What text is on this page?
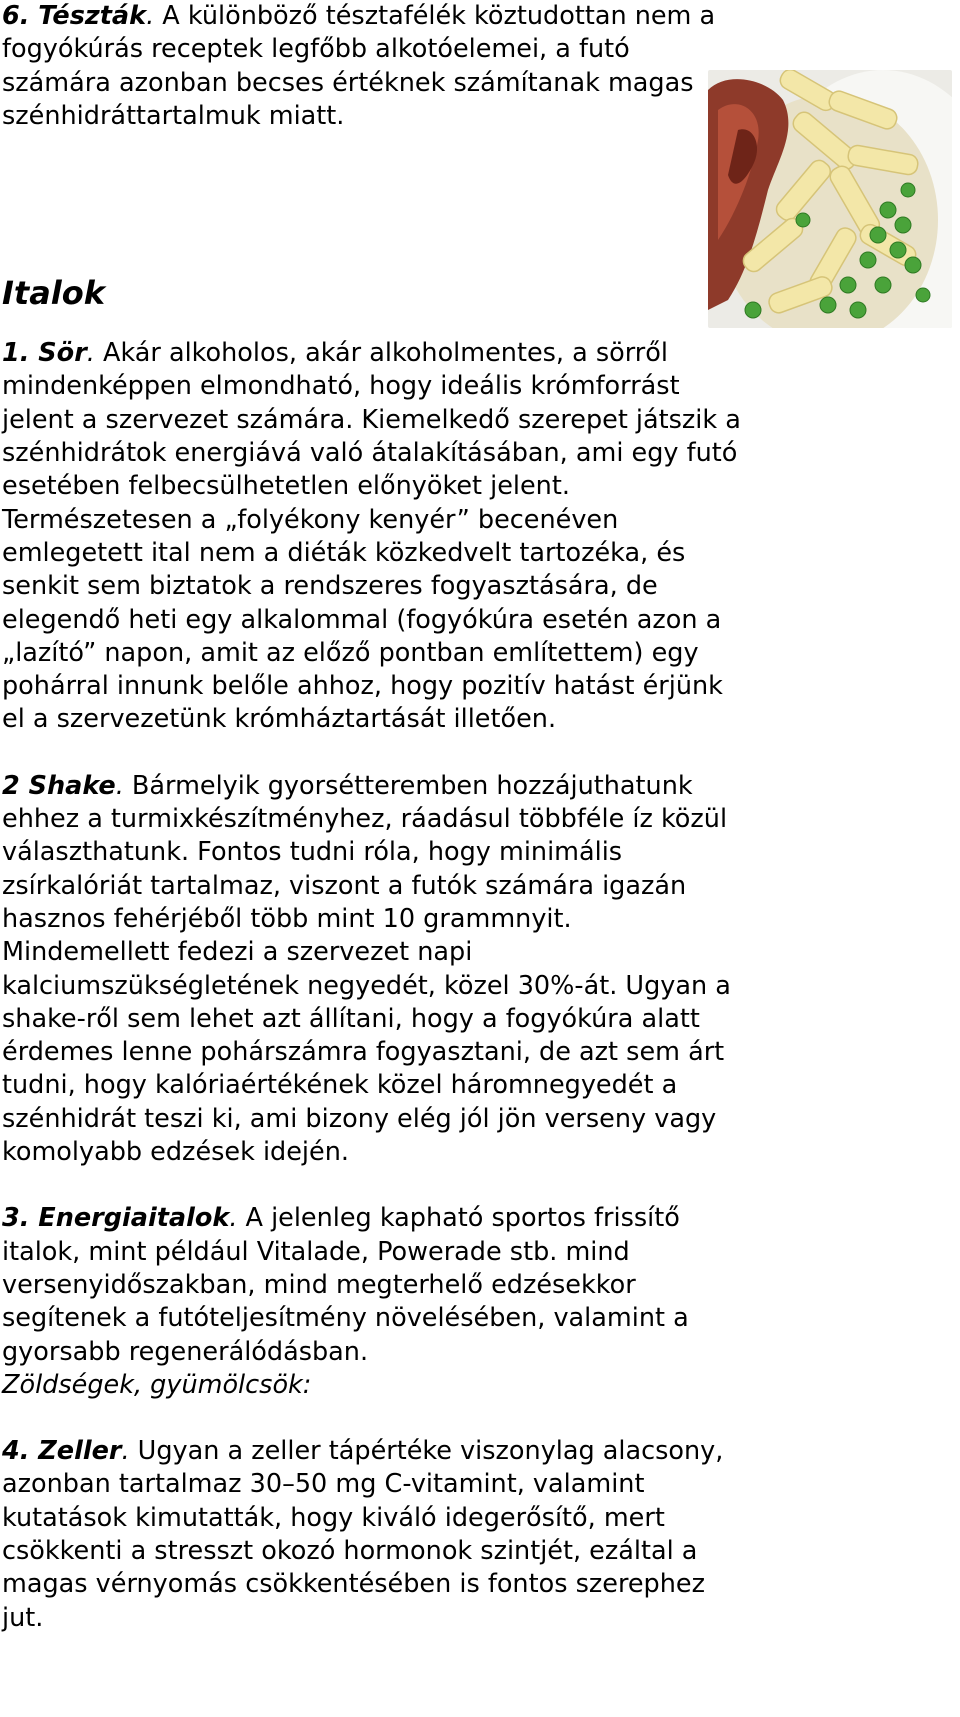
6. Tészták. A különböző tésztafélék köztudottan nem a fogyókúrás receptek legfőbb alkotóelemei, a futó számára azonban becses értéknek számítanak magas szénhidráttartalmuk miatt.

Italok

1. Sör. Akár alkoholos, akár alkoholmentes, a sörről mindenképpen elmondható, hogy ideális krómforrást jelent a szervezet számára. Kiemelkedő szerepet játszik a szénhidrátok energiává való átalakításában, ami egy futó esetében felbecsülhetetlen előnyöket jelent. Természetesen a „folyékony kenyér” becenéven emlegetett ital nem a diéták közkedvelt tartozéka, és senkit sem biztatok a rendszeres fogyasztására, de elegendő heti egy alkalommal (fogyókúra esetén azon a „lazító” napon, amit az előző pontban említettem) egy pohárral innunk belőle ahhoz, hogy pozitív hatást érjünk el a szervezetünk krómháztartását illetően.

2 Shake. Bármelyik gyorsétteremben hozzájuthatunk ehhez a turmixkészítményhez, ráadásul többféle íz közül választhatunk. Fontos tudni róla, hogy minimális zsírkalóriát tartalmaz, viszont a futók számára igazán hasznos fehérjéből több mint 10 grammnyit. Mindemellett fedezi a szervezet napi kalciumszükségletének negyedét, közel 30%-át. Ugyan a shake-ről sem lehet azt állítani, hogy a fogyókúra alatt érdemes lenne pohárszámra fogyasztani, de azt sem árt tudni, hogy kalóriaértékének közel háromnegyedét a szénhidrát teszi ki, ami bizony elég jól jön verseny vagy komolyabb edzések idején.

3. Energiaitalok. A jelenleg kapható sportos frissítő italok, mint például Vitalade, Powerade stb. mind versenyidőszakban, mind megterhelő edzésekkor segítenek a futóteljesítmény növelésében, valamint a gyorsabb regenerálódásban.

Zöldségek, gyümölcsök:

4. Zeller. Ugyan a zeller tápértéke viszonylag alacsony, azonban tartalmaz 30–50 mg C-vitamint, valamint kutatások kimutatták, hogy kiváló idegerősítő, mert csökkenti a stresszt okozó hormonok szintjét, ezáltal a magas vérnyomás csökkentésében is fontos szerephez jut.
